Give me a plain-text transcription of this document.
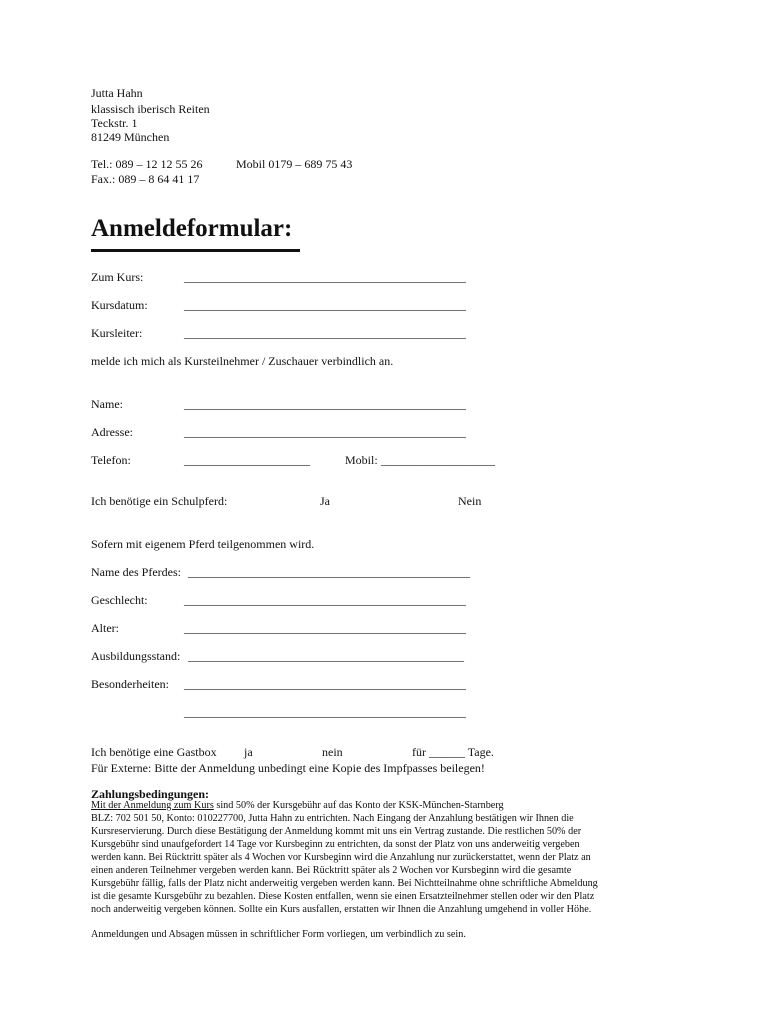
Jutta Hahn
klassisch iberisch Reiten
Teckstr. 1
81249 München
Tel.: 089 – 12 12 55 26	Mobil 0179 – 689 75 43
Fax.: 089 – 8 64 41 17
Anmeldeformular:
Zum Kurs:	_______________________________________________
Kursdatum:	_______________________________________________
Kursleiter:	_______________________________________________
melde ich mich als Kursteilnehmer / Zuschauer verbindlich an.
Name:	_______________________________________________
Adresse:	_______________________________________________
Telefon:	_____________________	Mobil: ___________________
Ich benötige ein Schulpferd:	Ja	Nein
Sofern mit eigenem Pferd teilgenommen wird.
Name des Pferdes: _______________________________________________
Geschlecht:	_______________________________________________
Alter:	_______________________________________________
Ausbildungsstand: ______________________________________________
Besonderheiten: _______________________________________________
_______________________________________________
Ich benötige eine Gastbox ja	nein	für ______ Tage.
Für Externe: Bitte der Anmeldung unbedingt eine Kopie des Impfpasses beilegen!
Zahlungsbedingungen:
Mit der Anmeldung zum Kurs sind 50% der Kursgebühr auf das Konto der KSK-München-Starnberg
BLZ: 702 501 50, Konto: 010227700, Jutta Hahn zu entrichten. Nach Eingang der Anzahlung bestätigen wir Ihnen die
Kursreservierung. Durch diese Bestätigung der Anmeldung kommt mit uns ein Vertrag zustande. Die restlichen 50% der
Kursgebühr sind unaufgefordert 14 Tage vor Kursbeginn zu entrichten, da sonst der Platz von uns anderweitig vergeben
werden kann. Bei Rücktritt später als 4 Wochen vor Kursbeginn wird die Anzahlung nur zurückerstattet, wenn der Platz an
einen anderen Teilnehmer vergeben werden kann. Bei Rücktritt später als 2 Wochen vor Kursbeginn wird die gesamte
Kursgebühr fällig, falls der Platz nicht anderweitig vergeben werden kann. Bei Nichtteilnahme ohne schriftliche Abmeldung
ist die gesamte Kursgebühr zu bezahlen. Diese Kosten entfallen, wenn sie einen Ersatzteilnehmer stellen oder wir den Platz
noch anderweitig vergeben können. Sollte ein Kurs ausfallen, erstatten wir Ihnen die Anzahlung umgehend in voller Höhe.
Anmeldungen und Absagen müssen in schriftlicher Form vorliegen, um verbindlich zu sein.
